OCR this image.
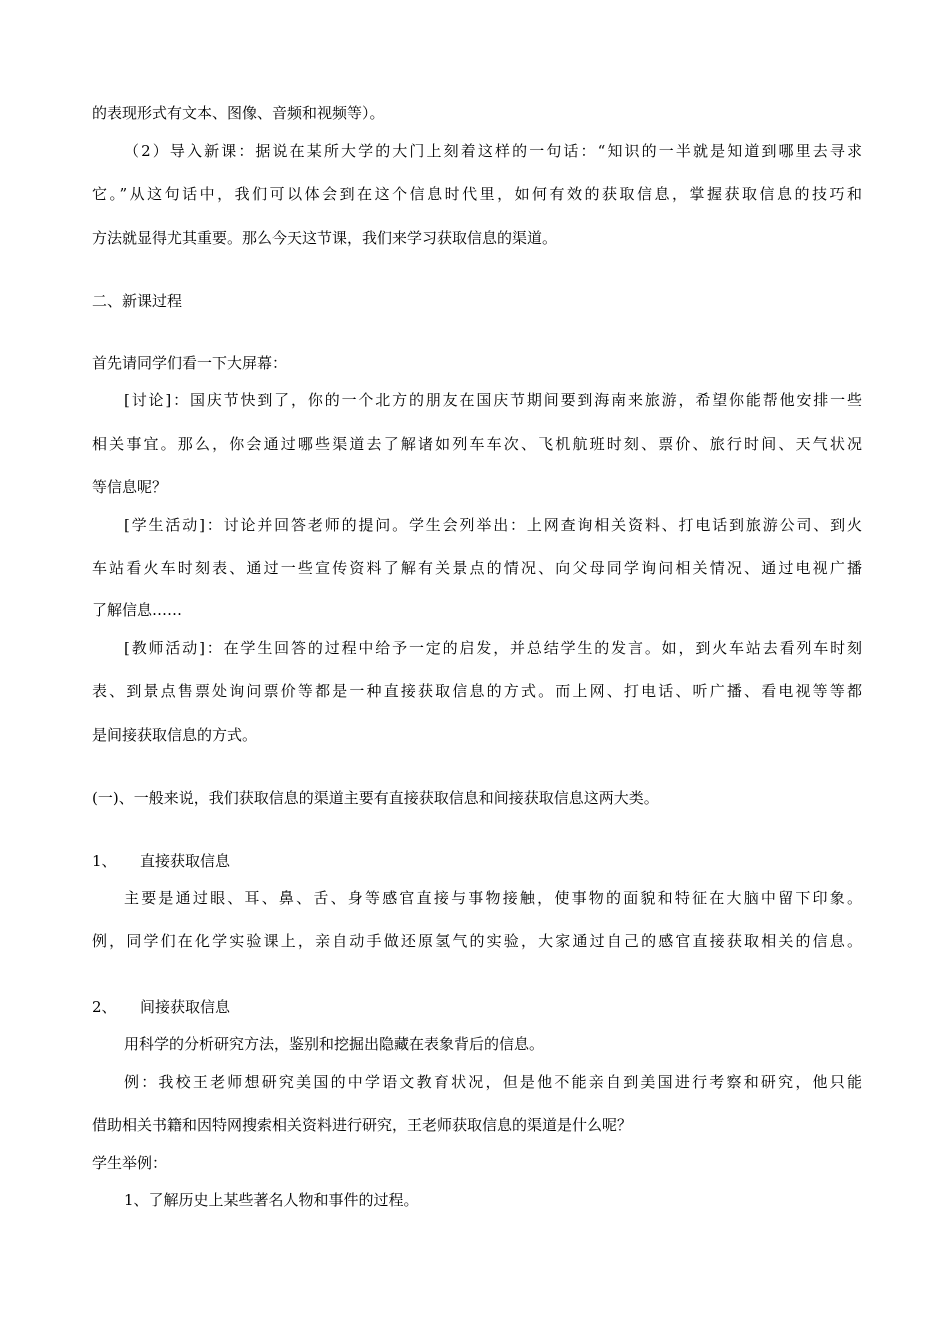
的表现形式有文本、图像、音频和视频等）。
（2）导入新课：据说在某所大学的大门上刻着这样的一句话：“知识的一半就是知道到哪里去寻求
它。”从这句话中，我们可以体会到在这个信息时代里，如何有效的获取信息，掌握获取信息的技巧和
方法就显得尤其重要。那么今天这节课，我们来学习获取信息的渠道。
二、新课过程
首先请同学们看一下大屏幕：
[讨论]：国庆节快到了，你的一个北方的朋友在国庆节期间要到海南来旅游，希望你能帮他安排一些
相关事宜。那么，你会通过哪些渠道去了解诸如列车车次、飞机航班时刻、票价、旅行时间、天气状况
等信息呢？
[学生活动]：讨论并回答老师的提问。学生会列举出：上网查询相关资料、打电话到旅游公司、到火
车站看火车时刻表、通过一些宣传资料了解有关景点的情况、向父母同学询问相关情况、通过电视广播
了解信息……
[教师活动]：在学生回答的过程中给予一定的启发，并总结学生的发言。如，到火车站去看列车时刻
表、到景点售票处询问票价等都是一种直接获取信息的方式。而上网、打电话、听广播、看电视等等都
是间接获取信息的方式。
(一)、一般来说，我们获取信息的渠道主要有直接获取信息和间接获取信息这两大类。
1、 直接获取信息
主要是通过眼、耳、鼻、舌、身等感官直接与事物接触，使事物的面貌和特征在大脑中留下印象。
例，同学们在化学实验课上，亲自动手做还原氢气的实验，大家通过自己的感官直接获取相关的信息。
2、 间接获取信息
用科学的分析研究方法，鉴别和挖掘出隐藏在表象背后的信息。
例：我校王老师想研究美国的中学语文教育状况，但是他不能亲自到美国进行考察和研究，他只能
借助相关书籍和因特网搜索相关资料进行研究，王老师获取信息的渠道是什么呢？
学生举例：
1、了解历史上某些著名人物和事件的过程。
